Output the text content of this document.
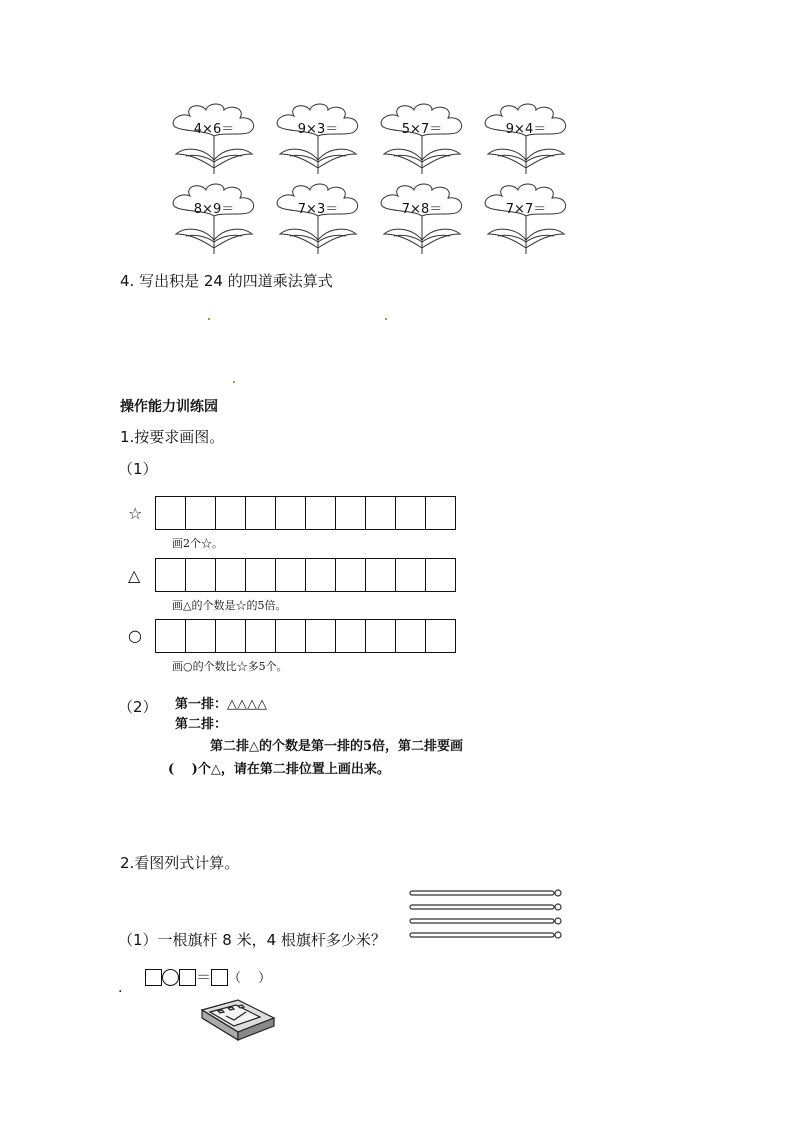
4×6＝	9×3＝	5×7＝	9×4＝
8×9＝	7×3＝	7×8＝	7×7＝
4. 写出积是 24 的四道乘法算式
操作能力训练园
1.按要求画图。
（1）
☆
画2个☆。
△
画△的个数是☆的5倍。
○
画○的个数比☆多5个。
（2） 第一排：△△△△
第二排：
第二排△的个数是第一排的5倍，第二排要画
(　 )个△，请在第二排位置上画出来。
2.看图列式计算。
（1）一根旗杆 8 米，4 根旗杆多少米？
＝ （　 ）
.
